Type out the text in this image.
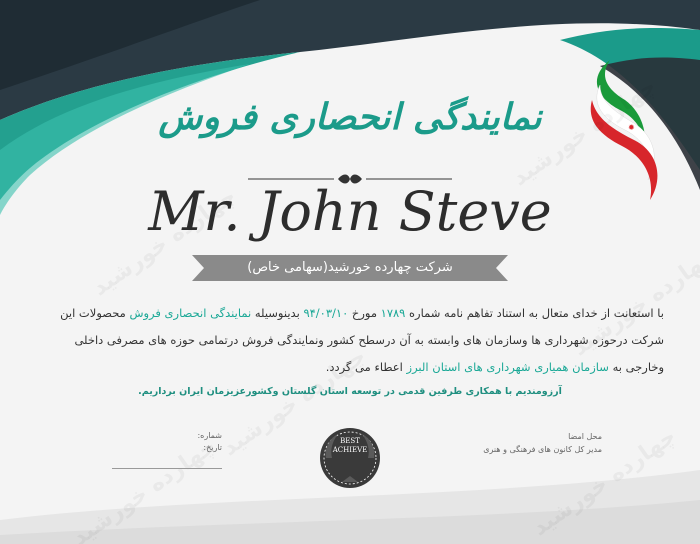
✹
نمایندگی انحصاری فروش
Mr. John Steve
شرکت چهارده خورشید(سهامی خاص)
با استعانت از خدای متعال به استناد تفاهم نامه شماره ۱۷۸۹ مورخ ۹۴/۰۳/۱۰ بدینوسیله نمایندگی انحصاری فروش محصولات این شرکت درحوزه شهرداری ها وسازمان های وابسته به آن درسطح کشور ونمایندگی فروش درتمامی حوزه های مصرفی داخلی وخارجی به سازمان همیاری شهرداری های استان البرز اعطاء می گردد.
آرزومندیم با همکاری طرفین قدمی در توسعه استان گلستان وکشورعزیزمان ایران برداریم.
شماره:
تاریخ:
BEST
ACHIEVE
محل امضا
مدیر کل کانون های فرهنگی و هنری
